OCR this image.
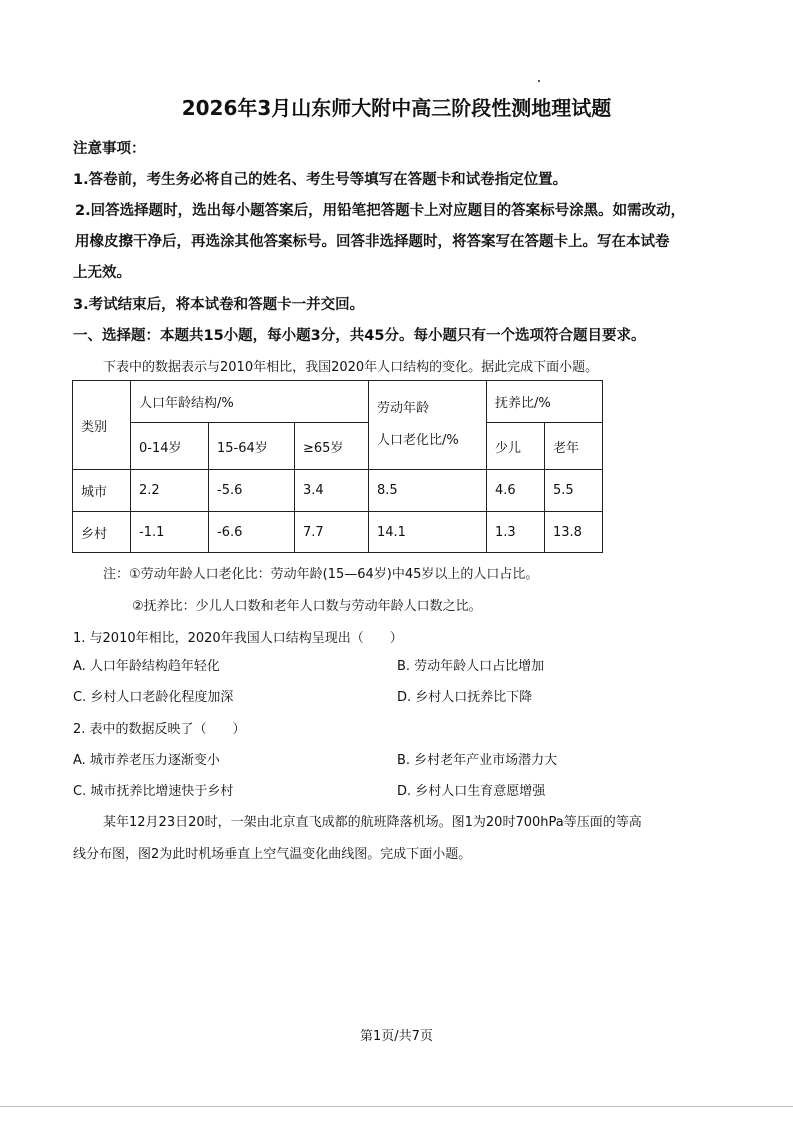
2026年3月山东师大附中高三阶段性测地理试题
注意事项：
1.答卷前，考生务必将自己的姓名、考生号等填写在答题卡和试卷指定位置。
2.回答选择题时，选出每小题答案后，用铅笔把答题卡上对应题目的答案标号涂黑。如需改动，
用橡皮擦干净后，再选涂其他答案标号。回答非选择题时，将答案写在答题卡上。写在本试卷
上无效。
3.考试结束后，将本试卷和答题卡一并交回。
一、选择题：本题共15小题，每小题3分，共45分。每小题只有一个选项符合题目要求。
下表中的数据表示与2010年相比，我国2020年人口结构的变化。据此完成下面小题。
类别	人口年龄结构/%			劳动年龄
人口老化比/%	抚养比/%	
	0-14岁	15-64岁	≥65岁		少儿	老年
城市	2.2	-5.6	3.4	8.5	4.6	5.5
乡村	-1.1	-6.6	7.7	14.1	1.3	13.8
注：①劳动年龄人口老化比：劳动年龄(15—64岁)中45岁以上的人口占比。
②抚养比：少儿人口数和老年人口数与劳动年龄人口数之比。
1. 与2010年相比，2020年我国人口结构呈现出（　　）
A. 人口年龄结构趋年轻化	B. 劳动年龄人口占比增加
C. 乡村人口老龄化程度加深	D. 乡村人口抚养比下降
2. 表中的数据反映了（　　）
A. 城市养老压力逐渐变小	B. 乡村老年产业市场潜力大
C. 城市抚养比增速快于乡村	D. 乡村人口生育意愿增强
某年12月23日20时，一架由北京直飞成都的航班降落机场。图1为20时700hPa等压面的等高
线分布图，图2为此时机场垂直上空气温变化曲线图。完成下面小题。
第1页/共7页
